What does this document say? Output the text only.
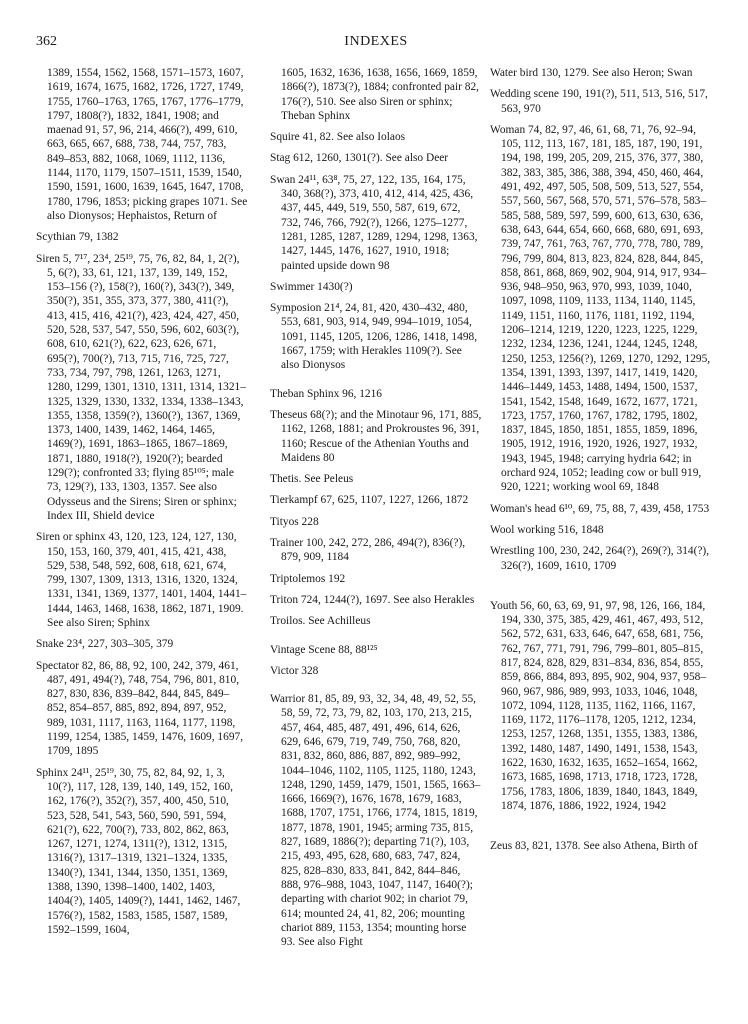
362	INDEXES

1389, 1554, 1562, 1568, 1571–1573, 1607, 1619, 1674, 1675, 1682, 1726, 1727, 1749, 1755, 1760–1763, 1765, 1767, 1776–1779, 1797, 1808(?), 1832, 1841, 1908; and maenad 91, 57, 96, 214, 466(?), 499, 610, 663, 665, 667, 688, 738, 744, 757, 783, 849–853, 882, 1068, 1069, 1112, 1136, 1144, 1170, 1179, 1507–1511, 1539, 1540, 1590, 1591, 1600, 1639, 1645, 1647, 1708, 1780, 1796, 1853; picking grapes 1071. See also Dionysos; Hephaistos, Return of

Scythian 79, 1382

Siren 5, 7¹⁷, 23⁴, 25¹⁹, 75, 76, 82, 84, 1, 2(?), 5, 6(?), 33, 61, 121, 137, 139, 149, 152, 153–156 (?), 158(?), 160(?), 343(?), 349, 350(?), 351, 355, 373, 377, 380, 411(?), 413, 415, 416, 421(?), 423, 424, 427, 450, 520, 528, 537, 547, 550, 596, 602, 603(?), 608, 610, 621(?), 622, 623, 626, 671, 695(?), 700(?), 713, 715, 716, 725, 727, 733, 734, 797, 798, 1261, 1263, 1271, 1280, 1299, 1301, 1310, 1311, 1314, 1321–1325, 1329, 1330, 1332, 1334, 1338–1343, 1355, 1358, 1359(?), 1360(?), 1367, 1369, 1373, 1400, 1439, 1462, 1464, 1465, 1469(?), 1691, 1863–1865, 1867–1869, 1871, 1880, 1918(?), 1920(?); bearded 129(?); confronted 33; flying 85¹⁰⁵; male 73, 129(?), 133, 1303, 1357. See also Odysseus and the Sirens; Siren or sphinx; Index III, Shield device

Siren or sphinx 43, 120, 123, 124, 127, 130, 150, 153, 160, 379, 401, 415, 421, 438, 529, 538, 548, 592, 608, 618, 621, 674, 799, 1307, 1309, 1313, 1316, 1320, 1324, 1331, 1341, 1369, 1377, 1401, 1404, 1441–1444, 1463, 1468, 1638, 1862, 1871, 1909. See also Siren; Sphinx

Snake 23⁴, 227, 303–305, 379

Spectator 82, 86, 88, 92, 100, 242, 379, 461, 487, 491, 494(?), 748, 754, 796, 801, 810, 827, 830, 836, 839–842, 844, 845, 849–852, 854–857, 885, 892, 894, 897, 952, 989, 1031, 1117, 1163, 1164, 1177, 1198, 1199, 1254, 1385, 1459, 1476, 1609, 1697, 1709, 1895

Sphinx 24¹¹, 25¹⁹, 30, 75, 82, 84, 92, 1, 3, 10(?), 117, 128, 139, 140, 149, 152, 160, 162, 176(?), 352(?), 357, 400, 450, 510, 523, 528, 541, 543, 560, 590, 591, 594, 621(?), 622, 700(?), 733, 802, 862, 863, 1267, 1271, 1274, 1311(?), 1312, 1315, 1316(?), 1317–1319, 1321–1324, 1335, 1340(?), 1341, 1344, 1350, 1351, 1369, 1388, 1390, 1398–1400, 1402, 1403, 1404(?), 1405, 1409(?), 1441, 1462, 1467, 1576(?), 1582, 1583, 1585, 1587, 1589, 1592–1599, 1604,

1605, 1632, 1636, 1638, 1656, 1669, 1859, 1866(?), 1873(?), 1884; confronted pair 82, 176(?), 510. See also Siren or sphinx; Theban Sphinx

Squire 41, 82. See also Iolaos

Stag 612, 1260, 1301(?). See also Deer

Swan 24¹¹, 63⁸, 75, 27, 122, 135, 164, 175, 340, 368(?), 373, 410, 412, 414, 425, 436, 437, 445, 449, 519, 550, 587, 619, 672, 732, 746, 766, 792(?), 1266, 1275–1277, 1281, 1285, 1287, 1289, 1294, 1298, 1363, 1427, 1445, 1476, 1627, 1910, 1918; painted upside down 98

Swimmer 1430(?)

Symposion 21⁴, 24, 81, 420, 430–432, 480, 553, 681, 903, 914, 949, 994–1019, 1054, 1091, 1145, 1205, 1206, 1286, 1418, 1498, 1667, 1759; with Herakles 1109(?). See also Dionysos

Theban Sphinx 96, 1216

Theseus 68(?); and the Minotaur 96, 171, 885, 1162, 1268, 1881; and Prokroustes 96, 391, 1160; Rescue of the Athenian Youths and Maidens 80

Thetis. See Peleus

Tierkampf 67, 625, 1107, 1227, 1266, 1872

Tityos 228

Trainer 100, 242, 272, 286, 494(?), 836(?), 879, 909, 1184

Triptolemos 192

Triton 724, 1244(?), 1697. See also Herakles

Troilos. See Achilleus

Vintage Scene 88, 88¹²⁵

Victor 328

Warrior 81, 85, 89, 93, 32, 34, 48, 49, 52, 55, 58, 59, 72, 73, 79, 82, 103, 170, 213, 215, 457, 464, 485, 487, 491, 496, 614, 626, 629, 646, 679, 719, 749, 750, 768, 820, 831, 832, 860, 886, 887, 892, 989–992, 1044–1046, 1102, 1105, 1125, 1180, 1243, 1248, 1290, 1459, 1479, 1501, 1565, 1663–1666, 1669(?), 1676, 1678, 1679, 1683, 1688, 1707, 1751, 1766, 1774, 1815, 1819, 1877, 1878, 1901, 1945; arming 735, 815, 827, 1689, 1886(?); departing 71(?), 103, 215, 493, 495, 628, 680, 683, 747, 824, 825, 828–830, 833, 841, 842, 844–846, 888, 976–988, 1043, 1047, 1147, 1640(?); departing with chariot 902; in chariot 79, 614; mounted 24, 41, 82, 206; mounting chariot 889, 1153, 1354; mounting horse 93. See also Fight

Water bird 130, 1279. See also Heron; Swan

Wedding scene 190, 191(?), 511, 513, 516, 517, 563, 970

Woman 74, 82, 97, 46, 61, 68, 71, 76, 92–94, 105, 112, 113, 167, 181, 185, 187, 190, 191, 194, 198, 199, 205, 209, 215, 376, 377, 380, 382, 383, 385, 386, 388, 394, 450, 460, 464, 491, 492, 497, 505, 508, 509, 513, 527, 554, 557, 560, 567, 568, 570, 571, 576–578, 583–585, 588, 589, 597, 599, 600, 613, 630, 636, 638, 643, 644, 654, 660, 668, 680, 691, 693, 739, 747, 761, 763, 767, 770, 778, 780, 789, 796, 799, 804, 813, 823, 824, 828, 844, 845, 858, 861, 868, 869, 902, 904, 914, 917, 934–936, 948–950, 963, 970, 993, 1039, 1040, 1097, 1098, 1109, 1133, 1134, 1140, 1145, 1149, 1151, 1160, 1176, 1181, 1192, 1194, 1206–1214, 1219, 1220, 1223, 1225, 1229, 1232, 1234, 1236, 1241, 1244, 1245, 1248, 1250, 1253, 1256(?), 1269, 1270, 1292, 1295, 1354, 1391, 1393, 1397, 1417, 1419, 1420, 1446–1449, 1453, 1488, 1494, 1500, 1537, 1541, 1542, 1548, 1649, 1672, 1677, 1721, 1723, 1757, 1760, 1767, 1782, 1795, 1802, 1837, 1845, 1850, 1851, 1855, 1859, 1896, 1905, 1912, 1916, 1920, 1926, 1927, 1932, 1943, 1945, 1948; carrying hydria 642; in orchard 924, 1052; leading cow or bull 919, 920, 1221; working wool 69, 1848

Woman's head 6¹⁰, 69, 75, 88, 7, 439, 458, 1753

Wool working 516, 1848

Wrestling 100, 230, 242, 264(?), 269(?), 314(?), 326(?), 1609, 1610, 1709

Youth 56, 60, 63, 69, 91, 97, 98, 126, 166, 184, 194, 330, 375, 385, 429, 461, 467, 493, 512, 562, 572, 631, 633, 646, 647, 658, 681, 756, 762, 767, 771, 791, 796, 799–801, 805–815, 817, 824, 828, 829, 831–834, 836, 854, 855, 859, 866, 884, 893, 895, 902, 904, 937, 958–960, 967, 986, 989, 993, 1033, 1046, 1048, 1072, 1094, 1128, 1135, 1162, 1166, 1167, 1169, 1172, 1176–1178, 1205, 1212, 1234, 1253, 1257, 1268, 1351, 1355, 1383, 1386, 1392, 1480, 1487, 1490, 1491, 1538, 1543, 1622, 1630, 1632, 1635, 1652–1654, 1662, 1673, 1685, 1698, 1713, 1718, 1723, 1728, 1756, 1783, 1806, 1839, 1840, 1843, 1849, 1874, 1876, 1886, 1922, 1924, 1942

Zeus 83, 821, 1378. See also Athena, Birth of
